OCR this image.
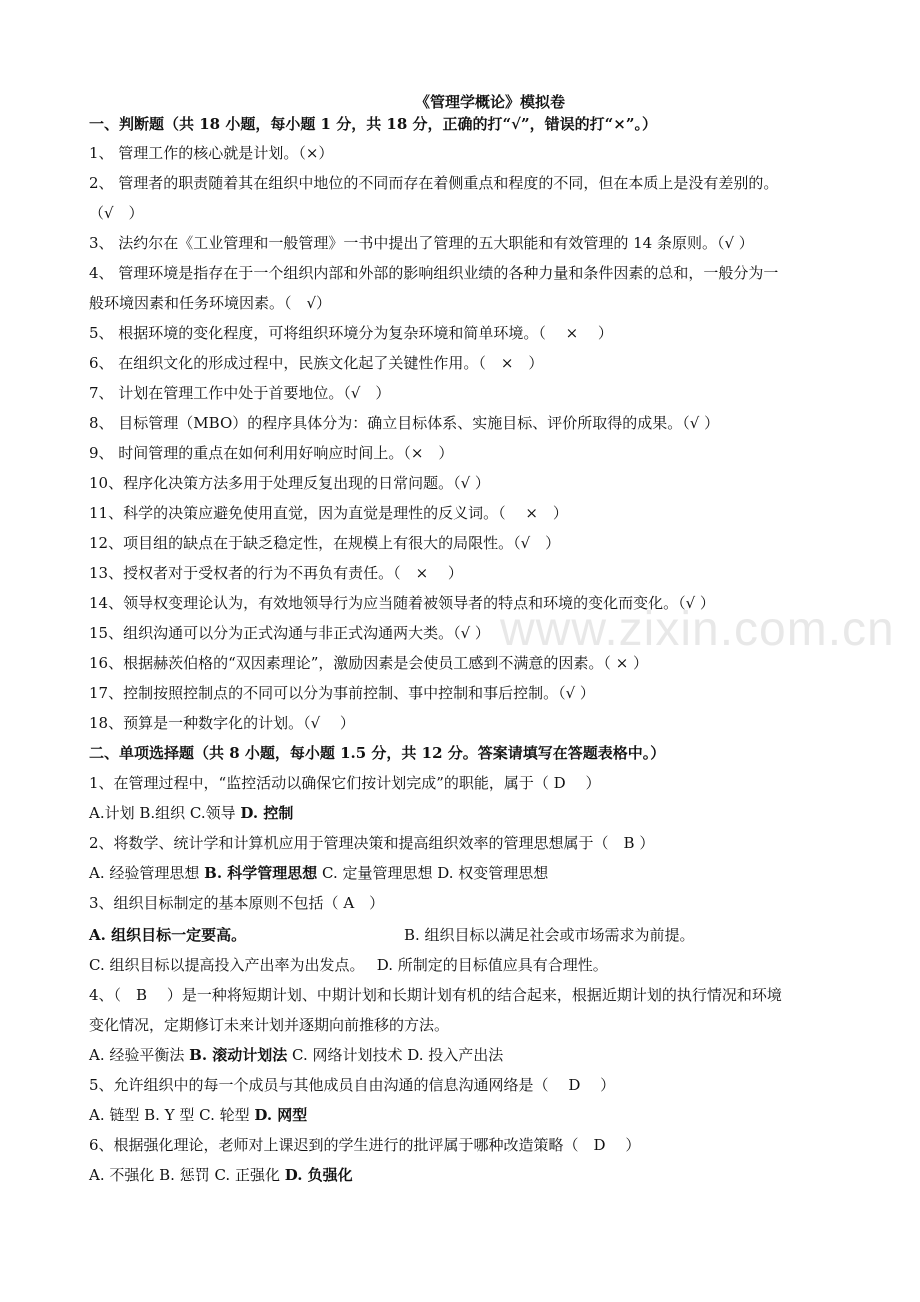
《管理学概论》模拟卷
一、判断题（共 18 小题，每小题 1 分，共 18 分，正确的打“√”，错误的打“×”。）
1、 管理工作的核心就是计划。（×）
2、 管理者的职责随着其在组织中地位的不同而存在着侧重点和程度的不同，但在本质上是没有差别的。
（√　）
3、 法约尔在《工业管理和一般管理》一书中提出了管理的五大职能和有效管理的 14 条原则。（√ ）
4、 管理环境是指存在于一个组织内部和外部的影响组织业绩的各种力量和条件因素的总和，一般分为一
般环境因素和任务环境因素。（　√）
5、 根据环境的变化程度，可将组织环境分为复杂环境和简单环境。（　 ×　 ）
6、 在组织文化的形成过程中，民族文化起了关键性作用。（　×　）
7、 计划在管理工作中处于首要地位。（√　）
8、 目标管理（MBO）的程序具体分为：确立目标体系、实施目标、评价所取得的成果。（√ ）
9、 时间管理的重点在如何利用好响应时间上。（×　）
10、程序化决策方法多用于处理反复出现的日常问题。（√ ）
11、科学的决策应避免使用直觉，因为直觉是理性的反义词。（　 ×　）
12、项目组的缺点在于缺乏稳定性，在规模上有很大的局限性。（√　）
13、授权者对于受权者的行为不再负有责任。（　×　 ）
14、领导权变理论认为，有效地领导行为应当随着被领导者的特点和环境的变化而变化。（√ ）
15、组织沟通可以分为正式沟通与非正式沟通两大类。（√ ）
16、根据赫茨伯格的“双因素理论”，激励因素是会使员工感到不满意的因素。（ × ）
17、控制按照控制点的不同可以分为事前控制、事中控制和事后控制。（√ ）
18、预算是一种数字化的计划。（√　 ）
二、单项选择题（共 8 小题，每小题 1.5 分，共 12 分。答案请填写在答题表格中。）
1、在管理过程中，“监控活动以确保它们按计划完成”的职能，属于（ D　 ）
A.计划 B.组织 C.领导 D. 控制
2、将数学、统计学和计算机应用于管理决策和提高组织效率的管理思想属于（　B ）
A. 经验管理思想 B. 科学管理思想 C. 定量管理思想 D. 权变管理思想
3、组织目标制定的基本原则不包括（ A　）
A. 组织目标一定要高。	B. 组织目标以满足社会或市场需求为前提。
C. 组织目标以提高投入产出率为出发点。　 D. 所制定的目标值应具有合理性。
4、（　B　 ）是一种将短期计划、中期计划和长期计划有机的结合起来，根据近期计划的执行情况和环境
变化情况，定期修订未来计划并逐期向前推移的方法。
A. 经验平衡法 B. 滚动计划法 C. 网络计划技术 D. 投入产出法
5、允许组织中的每一个成员与其他成员自由沟通的信息沟通网络是（　 D　 ）
A. 链型 B. Y 型 C. 轮型 D. 网型
6、根据强化理论，老师对上课迟到的学生进行的批评属于哪种改造策略（　D　 ）
A. 不强化 B. 惩罚 C. 正强化 D. 负强化
www.zixin.com.cn
